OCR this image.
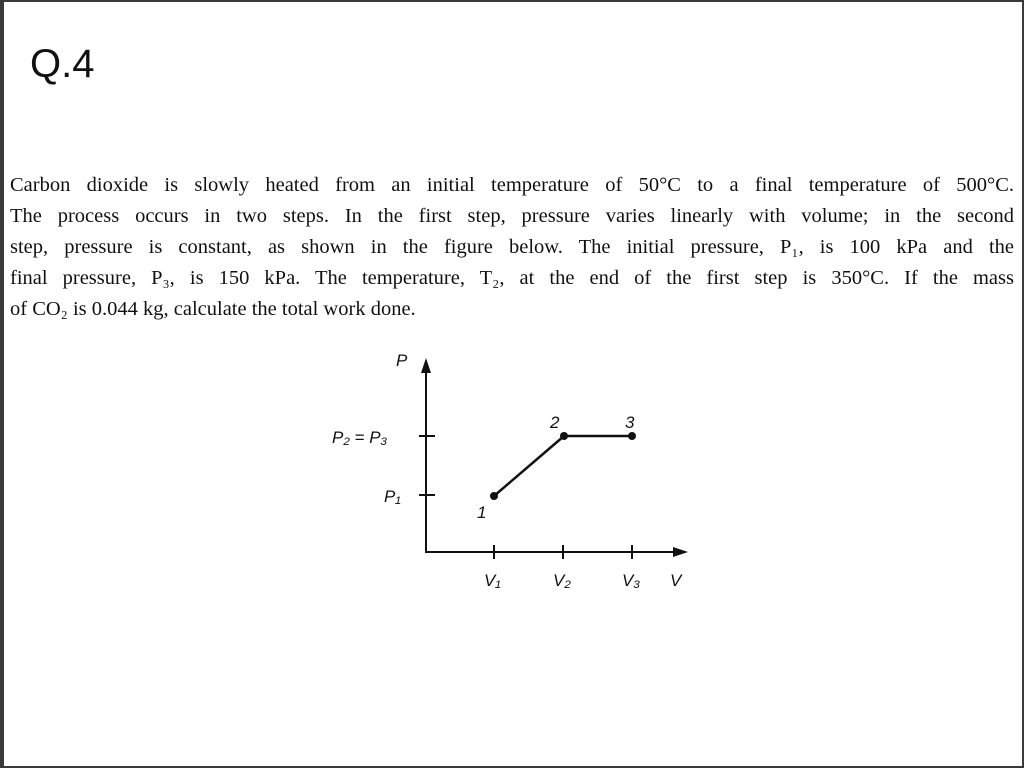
Q.4
Carbon dioxide is slowly heated from an initial temperature of 50°C to a final temperature of 500°C.
The process occurs in two steps. In the first step, pressure varies linearly with volume; in the second
step, pressure is constant, as shown in the figure below. The initial pressure, P₁, is 100 kPa and the
final pressure, P₃, is 150 kPa. The temperature, T₂, at the end of the first step is 350°C. If the mass
of CO₂ is 0.044 kg, calculate the total work done.
P
V
P₂ = P₃
P₁
V₁	V₂	V₃
1
2	3
